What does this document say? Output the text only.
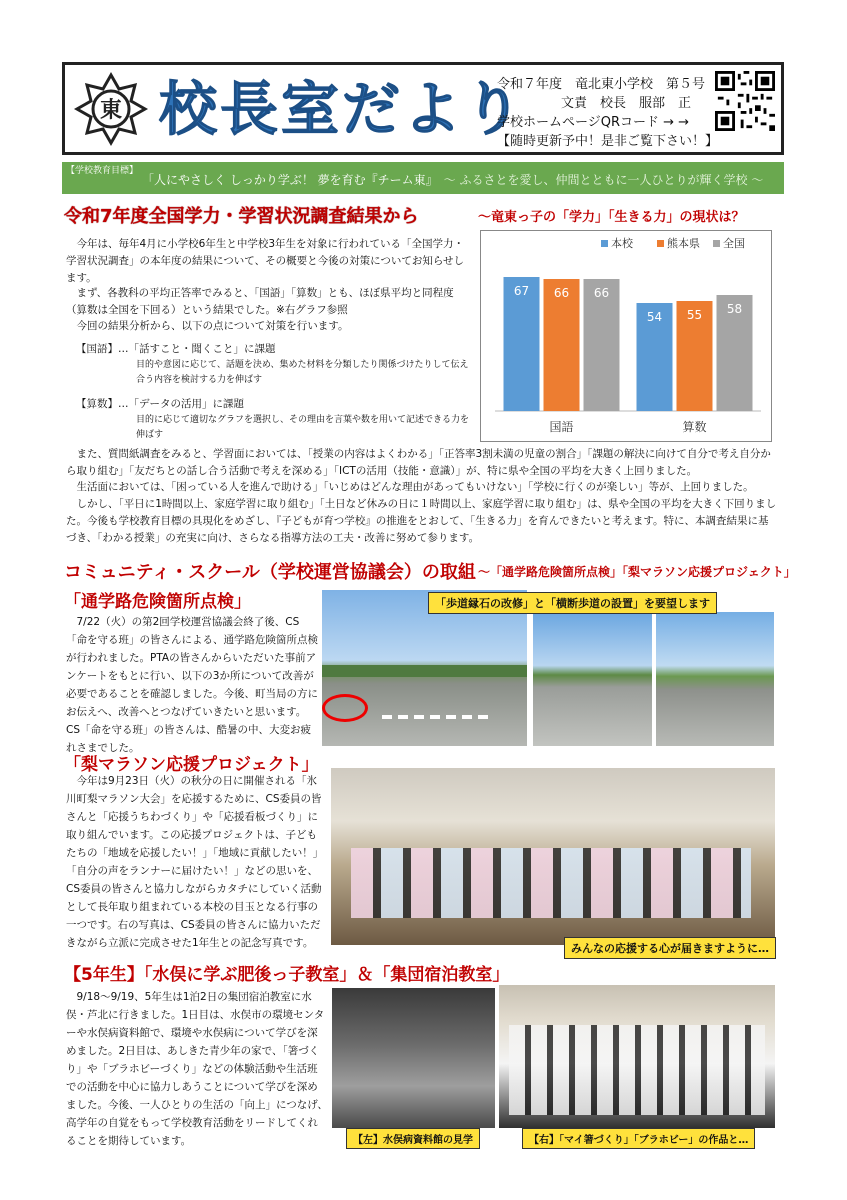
東 校長室だより
令和７年度　竜北東小学校　第５号
文責　校長　服部　正
学校ホームページQRコード → →
【随時更新予中！是非ご覧下さい！】
【学校教育目標】
「人にやさしく しっかり学ぶ！ 夢を育む『チーム東』　 ～ ふるさとを愛し、仲間とともに一人ひとりが輝く学校 ～
令和7年度全国学力・学習状況調査結果から	～竜東っ子の「学力」「生きる力」の現状は？
　今年は、毎年4月に小学校6年生と中学校3年生を対象に行われている「全国学力・学習状況調査」の本年度の結果について、その概要と今後の対策についてお知らせします。
　まず、各教科の平均正答率でみると、「国語」「算数」とも、ほぼ県平均と同程度（算数は全国を下回る）という結果でした。※右グラフ参照
　今回の結果分析から、以下の点について対策を行います。
【国語】…「話すこと・聞くこと」に課題
目的や意図に応じて、話題を決め、集めた材料を分類したり関係づけたりして伝え合う内容を検討する力を伸ばす
【算数】…「データの活用」に課題
目的に応じて適切なグラフを選択し、その理由を言葉や数を用いて記述できる力を伸ばす
本校	熊本県 全国
67 66 66
国語
54 55 58
算数
　また、質問紙調査をみると、学習面においては、「授業の内容はよくわかる」「正答率3割未満の児童の割合」「課題の解決に向けて自分で考え自分から取り組む」「友だちとの話し合う活動で考えを深める」「ICTの活用（技能・意識）」が、特に県や全国の平均を大きく上回りました。
　生活面においては、「困っている人を進んで助ける」「いじめはどんな理由があってもいけない」「学校に行くのが楽しい」等が、上回りました。
　しかし、「平日に1時間以上、家庭学習に取り組む」「土日など休みの日に１時間以上、家庭学習に取り組む」は、県や全国の平均を大きく下回りました。今後も学校教育目標の具現化をめざし、『子どもが育つ学校』の推進をとおして、「生きる力」を育んできたいと考えます。特に、本調査結果に基づき、「わかる授業」の充実に向け、さらなる指導方法の工夫・改善に努めて参ります。
コミュニティ・スクール（学校運営協議会）の取組 ～「通学路危険箇所点検」「梨マラソン応援プロジェクト」
「通学路危険箇所点検」
　7/22（火）の第2回学校運営協議会終了後、CS「命を守る班」の皆さんによる、通学路危険箇所点検が行われました。PTAの皆さんからいただいた事前アンケートをもとに行い、以下の3か所について改善が必要であることを確認しました。今後、町当局の方にお伝えへ、改善へとつなげていきたいと思います。CS「命を守る班」の皆さんは、酷暑の中、大変お疲れさまでした。
「歩道縁石の改修」と「横断歩道の設置」を要望します
「梨マラソン応援プロジェクト」
　今年は9月23日（火）の秋分の日に開催される「氷川町梨マラソン大会」を応援するために、CS委員の皆さんと「応援うちわづくり」や「応援看板づくり」に取り組んでいます。この応援プロジェクトは、子どもたちの「地域を応援したい！」「地域に貢献したい！」「自分の声をランナーに届けたい！」などの思いを、CS委員の皆さんと協力しながらカタチにしていく活動として長年取り組まれている本校の目玉となる行事の一つです。右の写真は、CS委員の皆さんに協力いただきながら立派に完成させた1年生との記念写真です。	みんなの応援する心が届きますように…
【5年生】「水俣に学ぶ肥後っ子教室」＆「集団宿泊教室」
　9/18～9/19、5年生は1泊2日の集団宿泊教室に水俣・芦北に行きました。1日目は、水俣市の環境センターや水俣病資料館で、環境や水俣病について学びを深めました。2日目は、あしきた青少年の家で、「箸づくり」や「ブラホビーづくり」などの体験活動や生活班での活動を中心に協力しあうことについて学びを深めました。今後、一人ひとりの生活の「向上」につなげ、高学年の自覚をもって学校教育活動をリードしてくれることを期待しています。	【左】水俣病資料館の見学	【右】「マイ箸づくり」「ブラホビー」の作品と…
